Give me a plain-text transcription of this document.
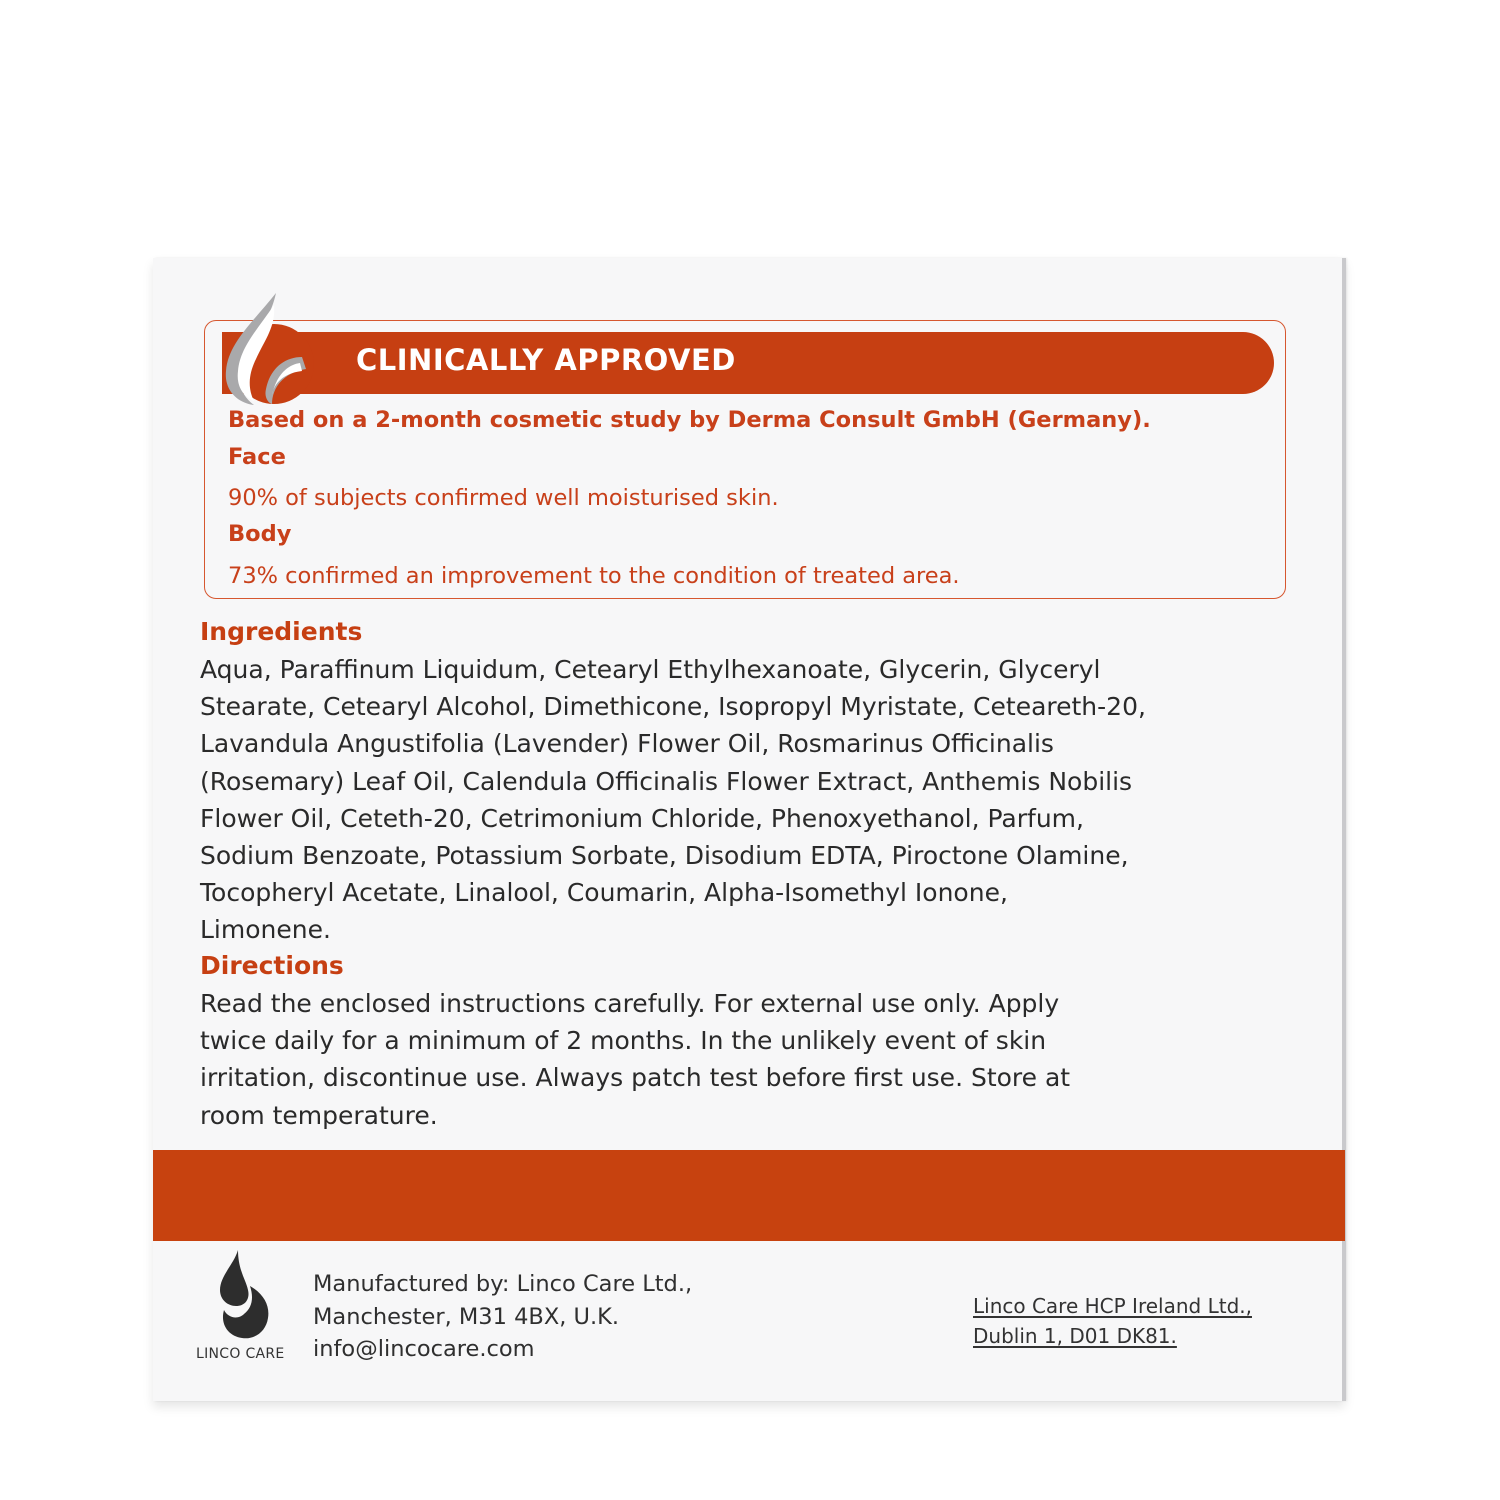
CLINICALLY APPROVED
Based on a 2-month cosmetic study by Derma Consult GmbH (Germany).
Face
90% of subjects confirmed well moisturised skin.
Body
73% confirmed an improvement to the condition of treated area.
Ingredients
Aqua, Paraffinum Liquidum, Cetearyl Ethylhexanoate, Glycerin, Glyceryl
Stearate, Cetearyl Alcohol, Dimethicone, Isopropyl Myristate, Ceteareth-20,
Lavandula Angustifolia (Lavender) Flower Oil, Rosmarinus Officinalis
(Rosemary) Leaf Oil, Calendula Officinalis Flower Extract, Anthemis Nobilis
Flower Oil, Ceteth-20, Cetrimonium Chloride, Phenoxyethanol, Parfum,
Sodium Benzoate, Potassium Sorbate, Disodium EDTA, Piroctone Olamine,
Tocopheryl Acetate, Linalool, Coumarin, Alpha-Isomethyl Ionone,
Limonene.
Directions
Read the enclosed instructions carefully. For external use only. Apply
twice daily for a minimum of 2 months. In the unlikely event of skin
irritation, discontinue use. Always patch test before first use. Store at
room temperature.
LINCO CARE
Manufactured by: Linco Care Ltd.,
Manchester, M31 4BX, U.K.
info@lincocare.com
Linco Care HCP Ireland Ltd.,
Dublin 1, D01 DK81.
